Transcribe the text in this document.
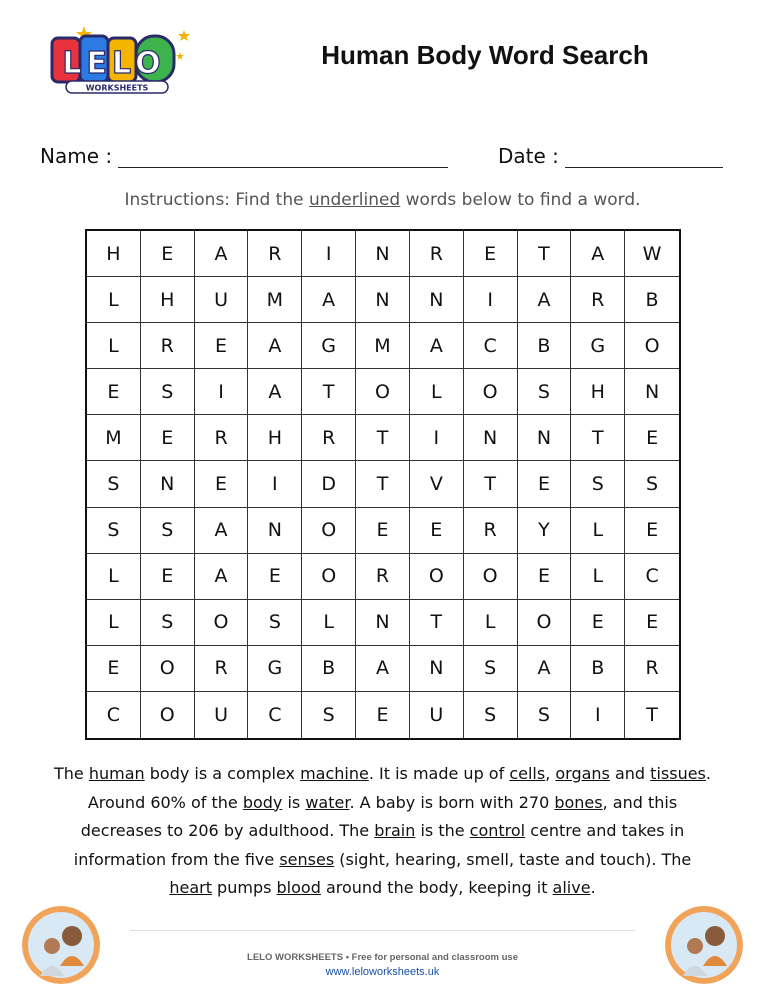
LELO
WORKSHEETS
Human Body Word Search
Name :	Date :
Instructions: Find the underlined words below to find a word.
H	E	A	R	I	N	R	E	T	A	W
L	H	U	M	A	N	N	I	A	R	B
L	R	E	A	G	M	A	C	B	G	O
E	S	I	A	T	O	L	O	S	H	N
M	E	R	H	R	T	I	N	N	T	E
S	N	E	I	D	T	V	T	E	S	S
S	S	A	N	O	E	E	R	Y	L	E
L	E	A	E	O	R	O	O	E	L	C
L	S	O	S	L	N	T	L	O	E	E
E	O	R	G	B	A	N	S	A	B	R
C	O	U	C	S	E	U	S	S	I	T
The human body is a complex machine. It is made up of cells, organs and tissues. Around 60% of the body is water. A baby is born with 270 bones, and this decreases to 206 by adulthood. The brain is the control centre and takes in information from the five senses (sight, hearing, smell, taste and touch). The heart pumps blood around the body, keeping it alive.
LELO WORKSHEETS • Free for personal and classroom use
www.leloworksheets.uk
